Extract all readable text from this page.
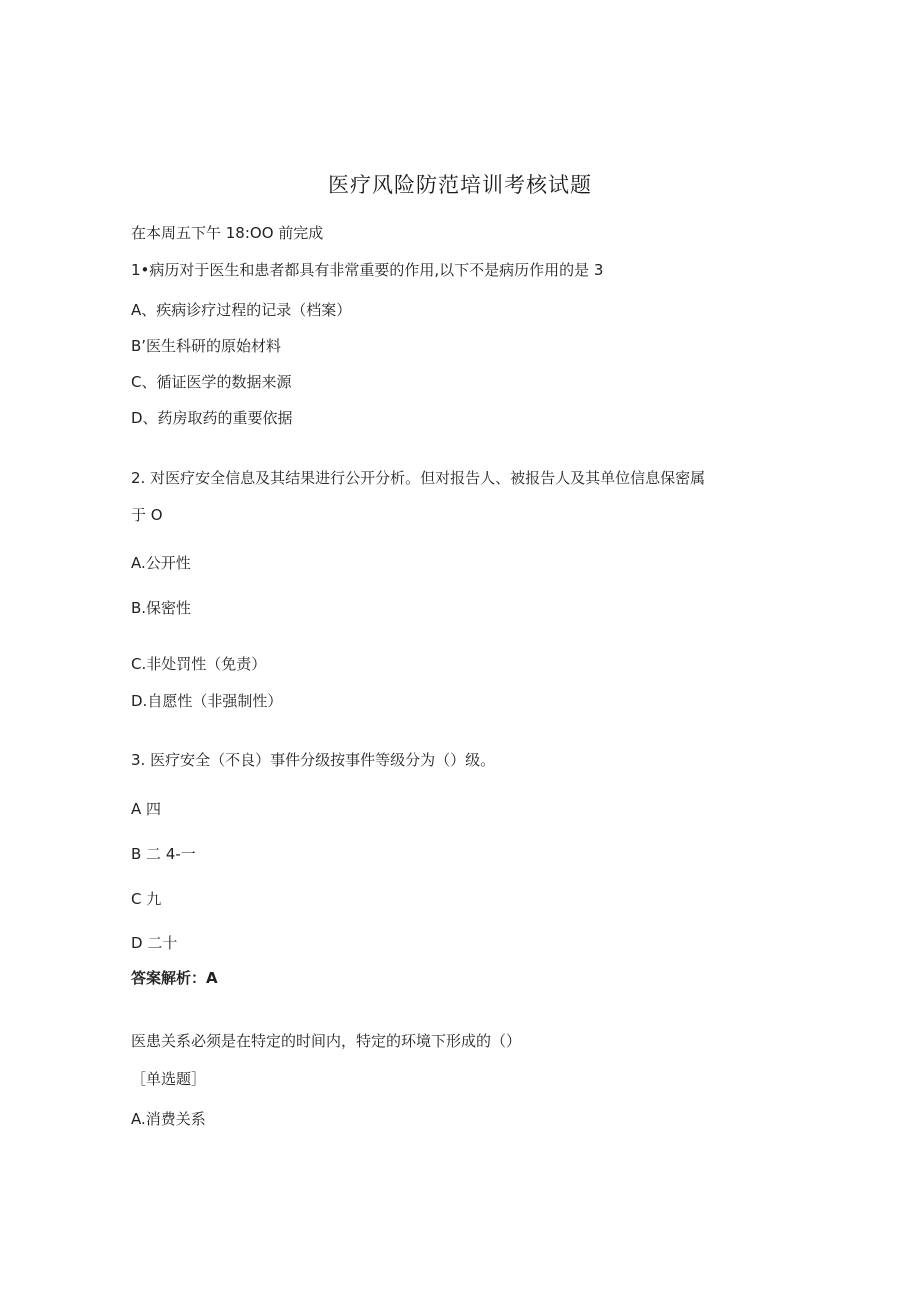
医疗风险防范培训考核试题
在本周五下午 18:OO 前完成
1•病历对于医生和患者都具有非常重要的作用,以下不是病历作用的是 3
A、疾病诊疗过程的记录（档案）
B’医生科研的原始材料
C、循证医学的数据来源
D、药房取药的重要依据
2. 对医疗安全信息及其结果进行公开分析。但对报告人、被报告人及其单位信息保密属
于 O
A.公开性
B.保密性
C.非处罚性（免责）
D.自愿性（非强制性）
3. 医疗安全（不良）事件分级按事件等级分为（）级。
A 四
B 二 4-一
C 九
D 二十
答案解析：A
医患关系必须是在特定的时间内，特定的环境下形成的（）
［单选题］
A.消费关系
